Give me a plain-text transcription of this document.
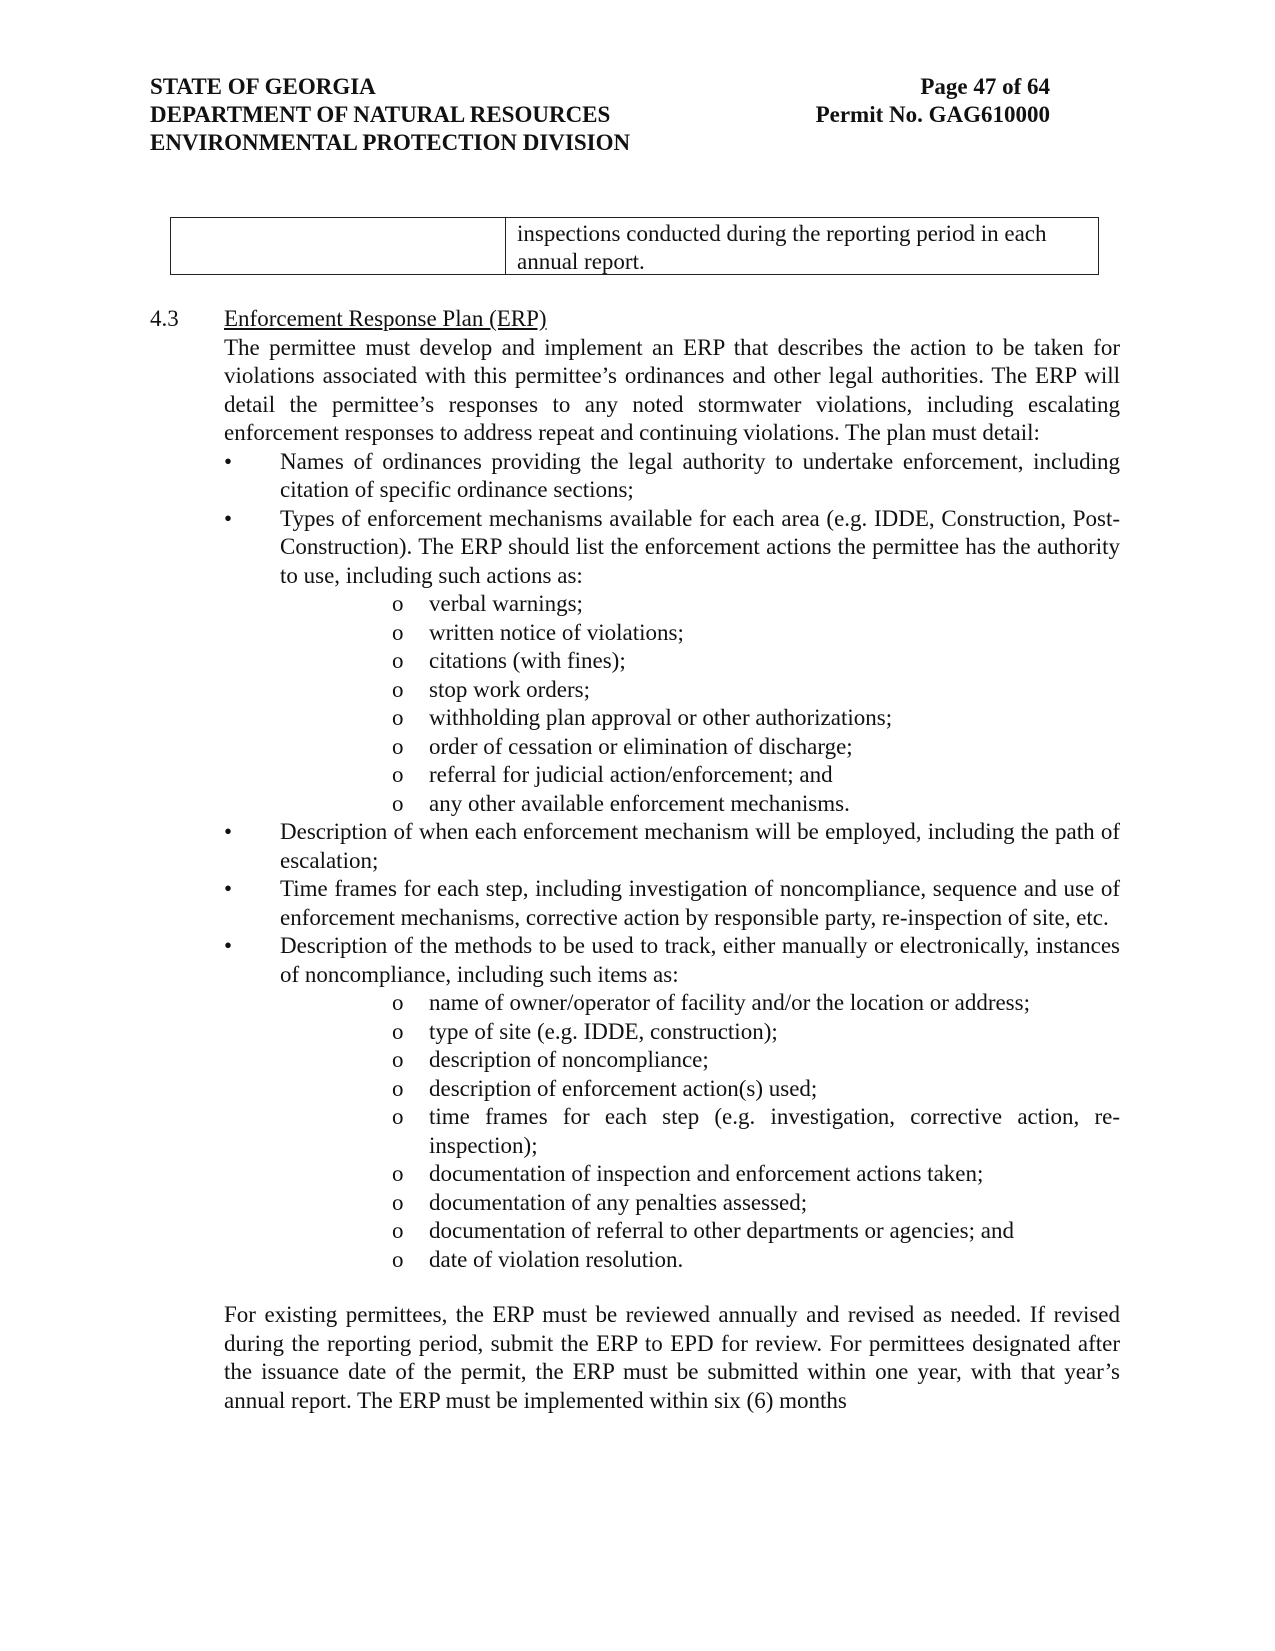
STATE OF GEORGIA
DEPARTMENT OF NATURAL RESOURCES
ENVIRONMENTAL PROTECTION DIVISION
Page 47 of 64
Permit No. GAG610000
inspections conducted during the reporting period in each annual report.
4.3	Enforcement Response Plan (ERP)

The permittee must develop and implement an ERP that describes the action to be taken for violations associated with this permittee’s ordinances and other legal authorities. The ERP will detail the permittee’s responses to any noted stormwater violations, including escalating enforcement responses to address repeat and continuing violations. The plan must detail:

•	Names of ordinances providing the legal authority to undertake enforcement, including citation of specific ordinance sections;
•	Types of enforcement mechanisms available for each area (e.g. IDDE, Construction, Post-Construction). The ERP should list the enforcement actions the permittee has the authority to use, including such actions as:
o verbal warnings;
o written notice of violations;
o citations (with fines);
o stop work orders;
o withholding plan approval or other authorizations;
o order of cessation or elimination of discharge;
o referral for judicial action/enforcement; and
o any other available enforcement mechanisms.
•	Description of when each enforcement mechanism will be employed, including the path of escalation;
•	Time frames for each step, including investigation of noncompliance, sequence and use of enforcement mechanisms, corrective action by responsible party, re-inspection of site, etc.
•	Description of the methods to be used to track, either manually or electronically, instances of noncompliance, including such items as:
o name of owner/operator of facility and/or the location or address;
o type of site (e.g. IDDE, construction);
o description of noncompliance;
o description of enforcement action(s) used;
o time frames for each step (e.g. investigation, corrective action, re-inspection);
o documentation of inspection and enforcement actions taken;
o documentation of any penalties assessed;
o documentation of referral to other departments or agencies; and
o date of violation resolution.

For existing permittees, the ERP must be reviewed annually and revised as needed. If revised during the reporting period, submit the ERP to EPD for review. For permittees designated after the issuance date of the permit, the ERP must be submitted within one year, with that year’s annual report. The ERP must be implemented within six (6) months
